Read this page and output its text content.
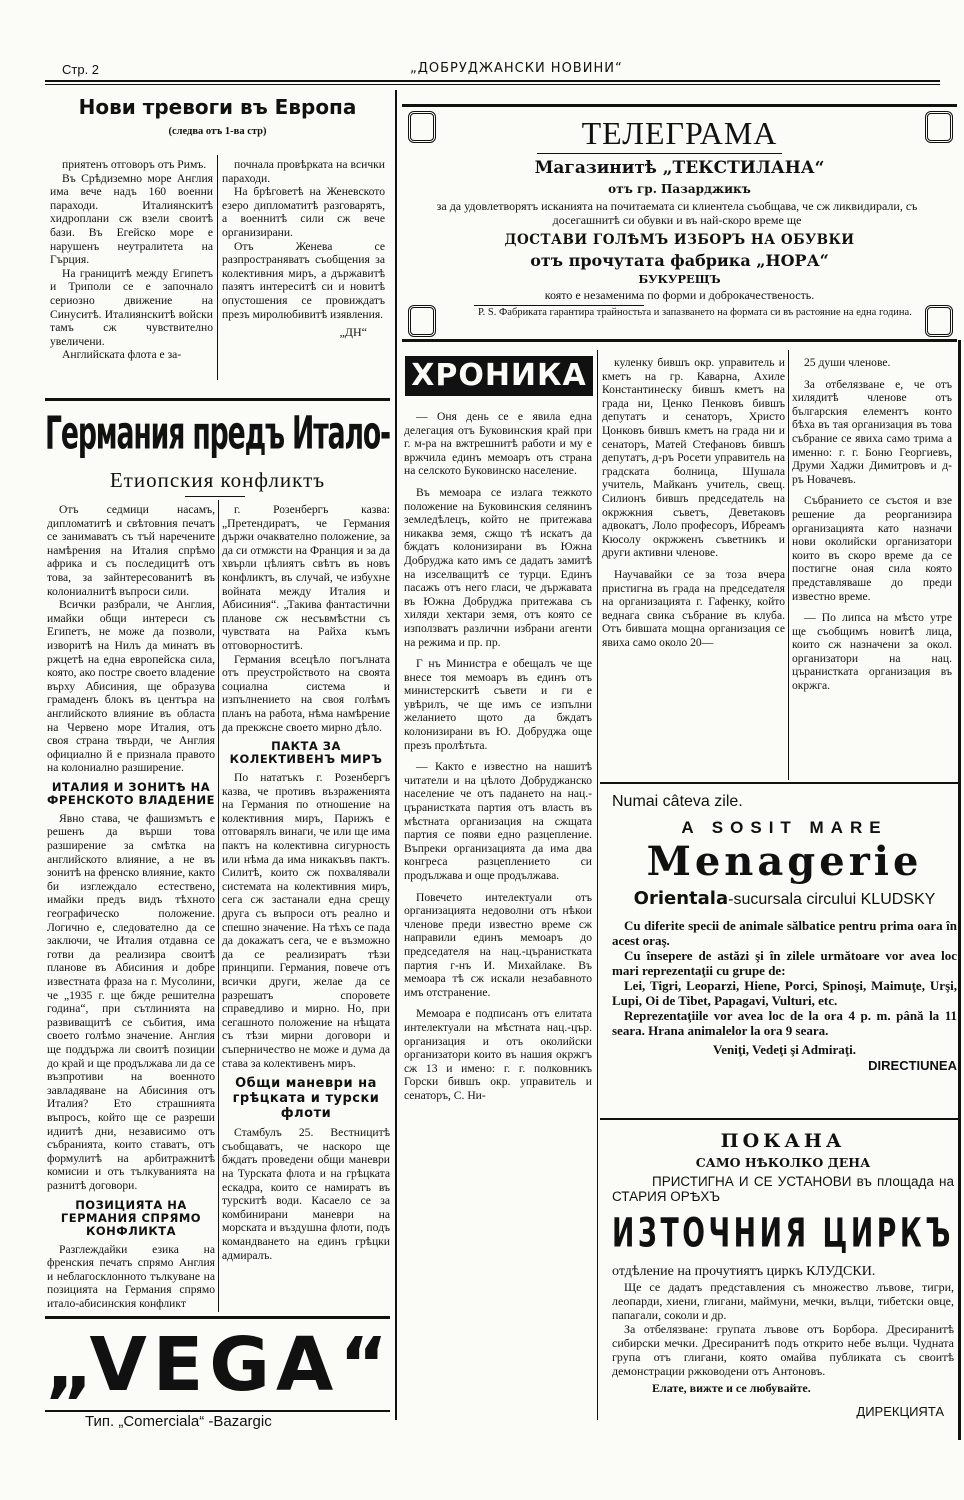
Стр. 2	„ДОБРУДЖАНСКИ НОВИНИ“
Нови тревоги въ Европа
(следва отъ 1-ва стр)

приятенъ отговоръ отъ Римъ.

Въ Срѣдиземно море Англия има вече надъ 160 военни параходи. Италиянскитѣ хидроплани сж взели своитѣ бази. Въ Егейско море е нарушенъ неутралитета на Гърция.

На границитѣ между Египетъ и Триполи се е започнало сериозно движение на Синуситѣ. Италиянскитѣ войски тамъ сж чувствително увеличени.

Английската флота е за-

почнала провѣрката на всички параходи.

На брѣговетѣ на Женевското езеро дипломатитѣ разговарятъ, а военнитѣ сили сж вече организирани.

Отъ Женева се разпространяватъ съобщения за колективния миръ, а държавитѣ пазятъ интереситѣ си и новитѣ опустошения се провиждатъ презъ миролюбивитѣ изявления.

„ДН“
Германия предъ Итало-
Етиопския конфликтъ

Отъ седмици насамъ, дипломатитѣ и свѣтовния печатъ се занимаватъ съ тъй наречените намѣрения на Италия спрѣмо африка и съ последицитѣ отъ това, за зайнтересованитѣ въ колониалнитѣ въпроси сили.

Всички разбрали, че Англия, имайки общи интереси съ Египетъ, не може да позволи, изворитѣ на Нилъ да минатъ въ ржцетѣ на една европейска сила, която, ако постре своето владение върху Абисиния, ще образува грамаденъ блокъ въ центъра на английското влияние въ областа на Червено море Италия, отъ своя страна твърди, че Англия официално й е признала правото на колониално разширение.

ИТАЛИЯ И ЗОНИТѢ НА ФРЕНСКОТО ВЛАДЕНИЕ

Явно става, че фашизмътъ е решенъ да върши това разширение за смѣтка на английското влияние, а не въ зонитѣ на френско влияние, както би изглеждало естествено, имайки предъ видъ тѣхното географическо положение. Логично е, следователно да се заключи, че Италия отдавна се готви да реализира своитѣ планове въ Абисиния и добре известната фраза на г. Мусолини, че „1935 г. ще бжде решителна година“, при сътлинията на развиващитѣ се събития, има своето голѣмо значение. Англия ще поддържа ли своитѣ позиции до край и ще продължава ли да се възпротиви на военното завладяване на Абисиния отъ Италия? Ето страшнията въпросъ, който ще се разреши идиитѣ дни, независимо отъ събранията, които ставатъ, отъ формулитѣ на арбитражнитѣ комисии и отъ тълкуванията на разнитѣ договори.

ПОЗИЦИЯТА НА ГЕРМАНИЯ СПРЯМО КОНФЛИКТА

Разглеждайки езика на френския печатъ спрямо Англия и неблагосклонното тълкуване на позицията на Германия спрямо итало-абисинския конфликт

г. Розенбергъ казва: „Претендиратъ, че Германия държи очаквателно положение, за да си отмжсти на Франция и за да хвърли цѣлиятъ свѣтъ въ новъ конфликтъ, въ случай, че избухне войната между Италия и Абисиния“. „Такива фантастични планове сж несъвмѣстни съ чувствата на Райха къмъ отговорноститѣ.

Германия всецѣло погълната отъ преустройството на своята социална система и изпълнението на своя голѣмъ планъ на работа, нѣма намѣрение да прекжсне своето мирно дѣло.

ПАКТА ЗА КОЛЕКТИВЕНЪ МИРЪ

По нататъкъ г. Розенбергъ казва, че противъ възраженията на Германия по отношение на колективния миръ, Парижъ е отговарялъ винаги, че или ще има пактъ на колективна сигурность или нѣма да има никакъвъ пактъ. Силитѣ, които сж похвалявали системата на колективния миръ, сега сж застанали една срещу друга съ въпроси отъ реално и спешно значение. На тѣхъ се пада да докажатъ сега, че е възможно да се реализиратъ тѣзи принципи. Германия, повече отъ всички други, желае да се разрешатъ споровете справедливо и мирно. Но, при сегашното положение на нѣщата съ тѣзи мирни договори и съперничество не може и дума да става за колективенъ миръ.

Общи маневри на грѣцката и турски флоти

Стамбулъ 25. Вестницитѣ съобщаватъ, че наскоро ще бждатъ проведени общи маневри на Турската флота и на грѣцката ескадра, които се намиратъ въ турскитѣ води. Касаело се за комбинирани маневри на морската и въздушна флоти, подъ командването на единъ грѣцки адмиралъ.

„VEGA“
Тип. „Comerciala“ -Bazargic
ТЕЛЕГРАМА
Магазинитѣ „ТЕКСТИЛАНА“
отъ гр. Пазарджикъ
за да удовлетворятъ исканията на почитаемата си клиентела съобщава, че сж ликвидирали, съ досегашнитѣ си обувки и въ най-скоро време ще
ДОСТАВИ ГОЛѢМЪ ИЗБОРЪ НА ОБУВКИ
отъ прочутата фабрика „НОРА“
БУКУРЕЩЪ
която е незаменима по форми и доброкачественость.
P. S. Фабриката гарантира трайностьта и запазването на формата си въ растояние на една година.
ХРОНИКА

— Оня день се е явила една делегация отъ Буковинския край при г. м-ра на вжтрешнитѣ работи и му е вржчила единъ мемоаръ отъ страна на селското Буковинско население.

Въ мемоара се излага тежкото положение на Буковинския селянинъ земледѣлецъ, който не притежава никаква земя, сжщо тѣ искатъ да бждатъ колонизирани въ Южна Добруджа като имъ се дадатъ замитѣ на изселващитѣ се турци. Единъ пасажъ отъ него гласи, че държавата въ Южна Добруджа притежава съ хиляди хектари земя, отъ която се използватъ различни избрани агенти на режима и пр. пр.

Г нъ Министра е обещалъ че ще внесе тоя мемоаръ въ единъ отъ министерскитѣ съвети и ги е увѣрилъ, че ще имъ се изпълни желанието щото да бждатъ колонизирани въ Ю. Добруджа още презъ пролѣтьта.

— Както е известно на нашитѣ читатели и на цѣлото Добруджанско население че отъ падането на нац.-църанистката партия отъ власть въ мѣстната организация на сжщата партия се появи едно разцепление. Въпреки организацията да има два конгреса разцеплението си продължава и още продължава.

Повечето интелектуали отъ организацията недоволни отъ нѣкои членове преди известно време сж направили единъ мемоаръ до председателя на нац.-църанистката партия г-нъ И. Михайлаке. Въ мемоара тѣ сж искали незабавното имъ отстранение.

Мемоара е подписанъ отъ елитата интелектуали на мѣстната нац.-цър. организация и отъ околийски организатори които въ нашия окржгъ сж 13 и имено: г. г. полковникъ Горски бившъ окр. управитель и сенаторъ, С. Ни-

куленку бившъ окр. управитель и кметъ на гр. Каварна, Ахиле Константинеску бившъ кметъ на града ни, Ценко Пенковъ бившъ депутатъ и сенаторъ, Христо Цонковъ бившъ кметъ на града ни и сенаторъ, Матей Стефановъ бившъ депутатъ, д-ръ Росети управитель на градската болница, Шушала учитель, Майканъ учитель, свещ. Силионъ бившъ председатель на окржжния съветъ, Деветаковъ адвокатъ, Лоло професоръ, Ибреамъ Кюсолу окржженъ съветникъ и други активни членове.

Научавайки се за тоза вчера пристигна въ града на председателя на организацията г. Гафенку, който веднага свика събрание въ клуба. Отъ бившата мощна организация се явиха само около 20—

25 души членове.

За отбелязване е, че отъ хилядитѣ членове отъ българския елементъ конто бѣха въ тая организация въ това събрание се явиха само трима а именно: г. г. Боню Георгиевъ, Друми Хаджи Димитровъ и д-ръ Новачевъ.

Събранието се състоя и взе решение да реорганизира организацията като назначи нови околийски организатори които въ скоро време да се постигне оная сила която представляваше до преди известно време.

— По липса на мѣсто утре ще съобщимъ новитѣ лица, които сж назначени за окол. организатори на нац. църанистката организация въ окржга.

Numai câteva zile.
A SOSIT MARE
Menagerie
Orientala-sucursala circului KLUDSKY

Cu diferite specii de animale sălbatice pentru prima oara în acest oraş.

Cu însepere de astăzi şi în zilele următoare vor avea loc mari reprezentaţii cu grupe de:

Lei, Tigri, Leoparzi, Hiene, Porci, Spinoşi, Maimuţe, Urşi, Lupi, Oi de Tibet, Papagavi, Vulturi, etc.

Reprezentaţiile vor avea loc de la ora 4 p. m. până la 11 seara. Hrana animalelor la ora 9 seara.

Veniţi, Vedeţi şi Admiraţi.
DIRECTIUNEA
ПОКАНА
САМО НѢКОЛКО ДЕНА
ПРИСТИГНА И СЕ УСТАНОВИ въ площада на СТАРИЯ ОРѢХЪ
ИЗТОЧНИЯ ЦИРКЪ
отдѣление на прочутиятъ циркъ КЛУДСКИ.

Ще се дадатъ представления съ множество лъвове, тигри, леопарди, хиени, глигани, маймуни, мечки, вълци, тибетски овце, папагали, соколи и др.

За отбелязване: групата лъвове отъ Борбора. Дресиранитѣ сибирски мечки. Дресиранитѣ подъ открито небе вълци. Чудната група отъ глигани, която омайва публиката съ своитѣ демонстрации ржководени отъ Антоновъ.

Елате, вижте и се любувайте.
ДИРЕКЦИЯТА
